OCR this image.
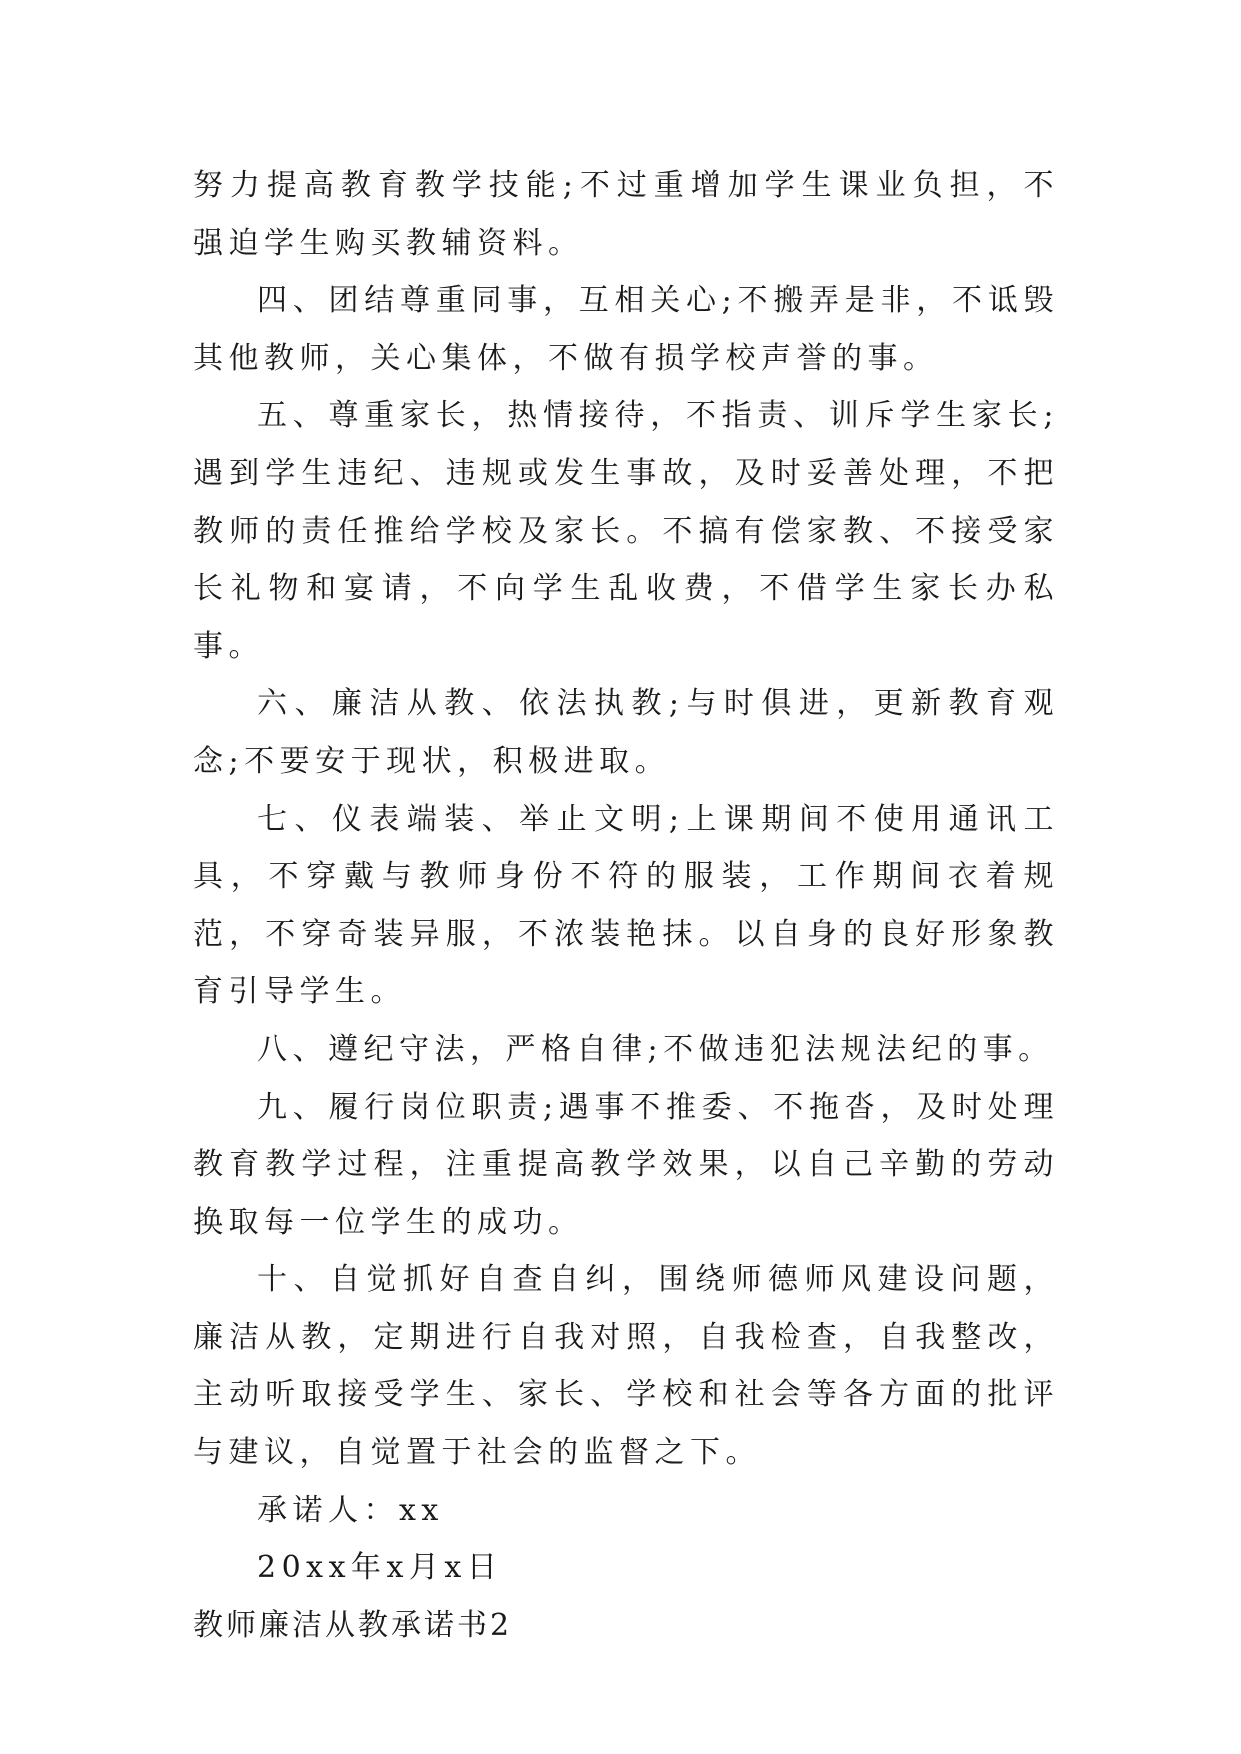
努力提高教育教学技能;不过重增加学生课业负担，不强迫学生购买教辅资料。

四、团结尊重同事，互相关心;不搬弄是非，不诋毁其他教师，关心集体，不做有损学校声誉的事。

五、尊重家长，热情接待，不指责、训斥学生家长;遇到学生违纪、违规或发生事故，及时妥善处理，不把教师的责任推给学校及家长。不搞有偿家教、不接受家长礼物和宴请，不向学生乱收费，不借学生家长办私事。

六、廉洁从教、依法执教;与时俱进，更新教育观念;不要安于现状，积极进取。

七、仪表端装、举止文明;上课期间不使用通讯工具，不穿戴与教师身份不符的服装，工作期间衣着规范，不穿奇装异服，不浓装艳抹。以自身的良好形象教育引导学生。

八、遵纪守法，严格自律;不做违犯法规法纪的事。

九、履行岗位职责;遇事不推委、不拖沓，及时处理教育教学过程，注重提高教学效果，以自己辛勤的劳动换取每一位学生的成功。

十、自觉抓好自查自纠，围绕师德师风建设问题，廉洁从教，定期进行自我对照，自我检查，自我整改，主动听取接受学生、家长、学校和社会等各方面的批评与建议，自觉置于社会的监督之下。

承诺人：xx

20xx年x月x日

教师廉洁从教承诺书2
